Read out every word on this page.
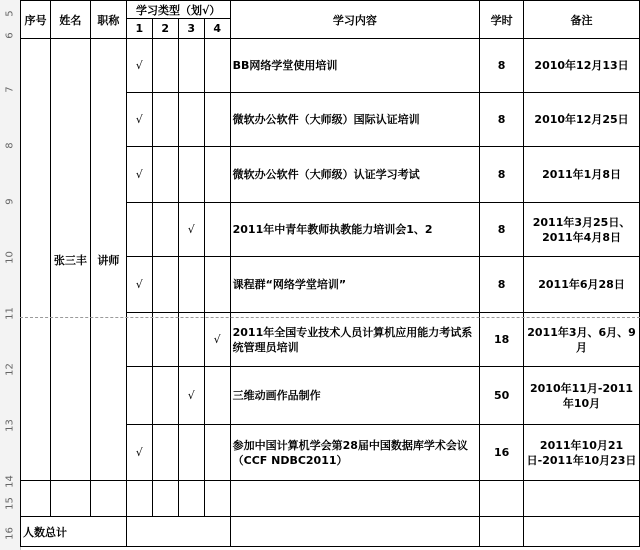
5
6
7
8
9
10
11
12
13
14
15
16
序号	姓名	职称	学习类型（划√）				学习内容	学时	备注
			1	2	3	4			
	张三丰	讲师	√				BB网络学堂使用培训	8	2010年12月13日
			√				微软办公软件（大师级）国际认证培训	8	2010年12月25日
			√				微软办公软件（大师级）认证学习考试	8	2011年1月8日
					√		2011年中青年教师执教能力培训会1、2	8	2011年3月25日、2011年4月8日
			√				课程群“网络学堂培训”	8	2011年6月28日
						√	2011年全国专业技术人员计算机应用能力考试系统管理员培训	18	2011年3月、6月、9月
					√		三维动画作品制作	50	2010年11月-2011年10月
			√				参加中国计算机学会第28届中国数据库学术会议（CCF NDBC2011）	16	2011年10月21日-2011年10月23日

人数总计									
